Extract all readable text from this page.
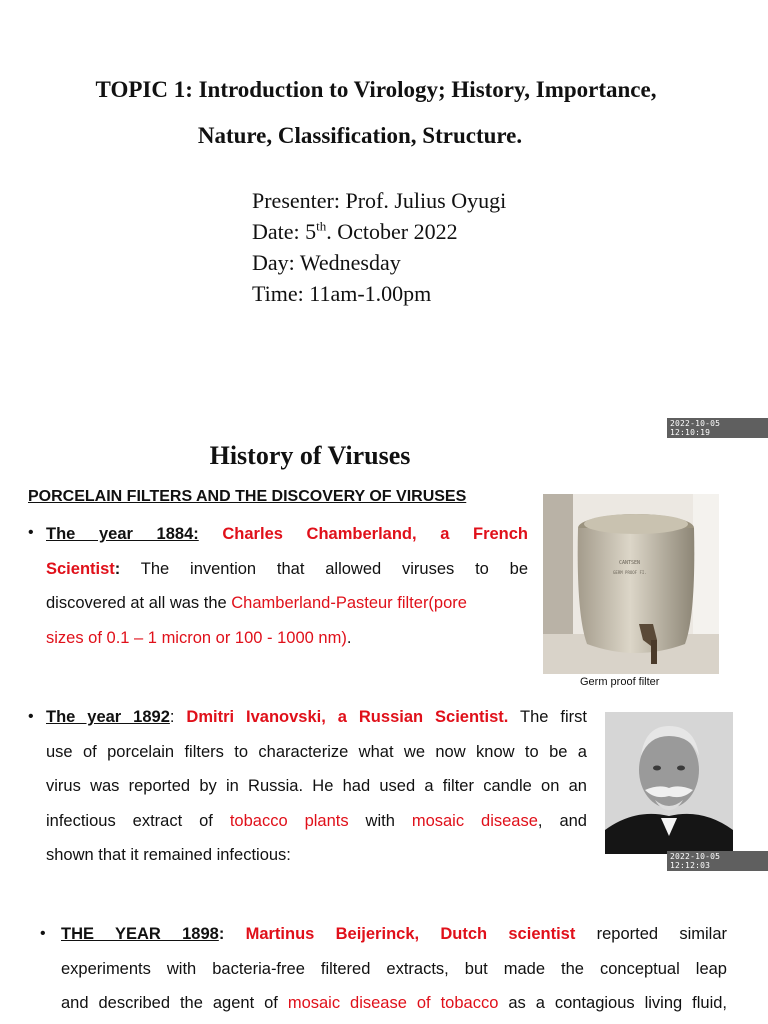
TOPIC 1: Introduction to Virology; History, Importance,
Nature, Classification, Structure.
Presenter: Prof. Julius Oyugi
Date: 5th. October 2022
Day: Wednesday
Time: 11am-1.00pm
2022-10-05 12:10:19
History of Viruses
PORCELAIN FILTERS AND THE DISCOVERY OF VIRUSES
• The year 1884: Charles Chamberland, a French
Scientist: The invention that allowed viruses to be
discovered at all was the Chamberland-Pasteur filter(pore
sizes of 0.1 – 1 micron or 100 - 1000 nm).
CANTSEN
GERM PROOF FI.
Germ proof filter
• The year 1892: Dmitri Ivanovski, a Russian Scientist. The first
use of porcelain filters to characterize what we now know to be a
virus was reported by in Russia. He had used a filter candle on an
infectious extract of tobacco plants with mosaic disease, and
shown that it remained infectious:	2022-10-05 12:12:03
• THE YEAR 1898: Martinus Beijerinck, Dutch scientist reported similar
experiments with bacteria-free filtered extracts, but made the conceptual leap
and described the agent of mosaic disease of tobacco as a contagious living fluid,
